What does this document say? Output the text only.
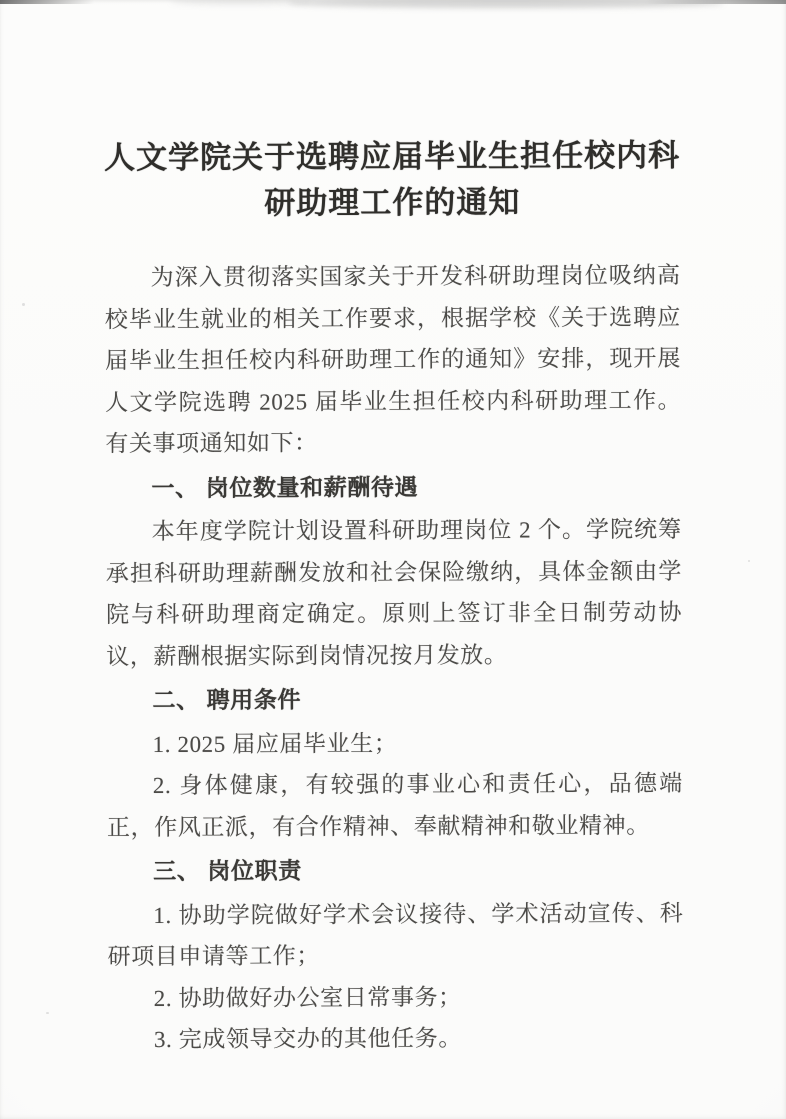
人文学院关于选聘应届毕业生担任校内科
研助理工作的通知

为深入贯彻落实国家关于开发科研助理岗位吸纳高校毕业生就业的相关工作要求，根据学校《关于选聘应届毕业生担任校内科研助理工作的通知》安排，现开展人文学院选聘 2025 届毕业生担任校内科研助理工作。有关事项通知如下：

一、 岗位数量和薪酬待遇

本年度学院计划设置科研助理岗位 2 个。学院统筹承担科研助理薪酬发放和社会保险缴纳，具体金额由学院与科研助理商定确定。原则上签订非全日制劳动协议，薪酬根据实际到岗情况按月发放。

二、 聘用条件

1. 2025 届应届毕业生；

2. 身体健康，有较强的事业心和责任心，品德端正，作风正派，有合作精神、奉献精神和敬业精神。

三、 岗位职责

1. 协助学院做好学术会议接待、学术活动宣传、科研项目申请等工作；

2. 协助做好办公室日常事务；

3. 完成领导交办的其他任务。
